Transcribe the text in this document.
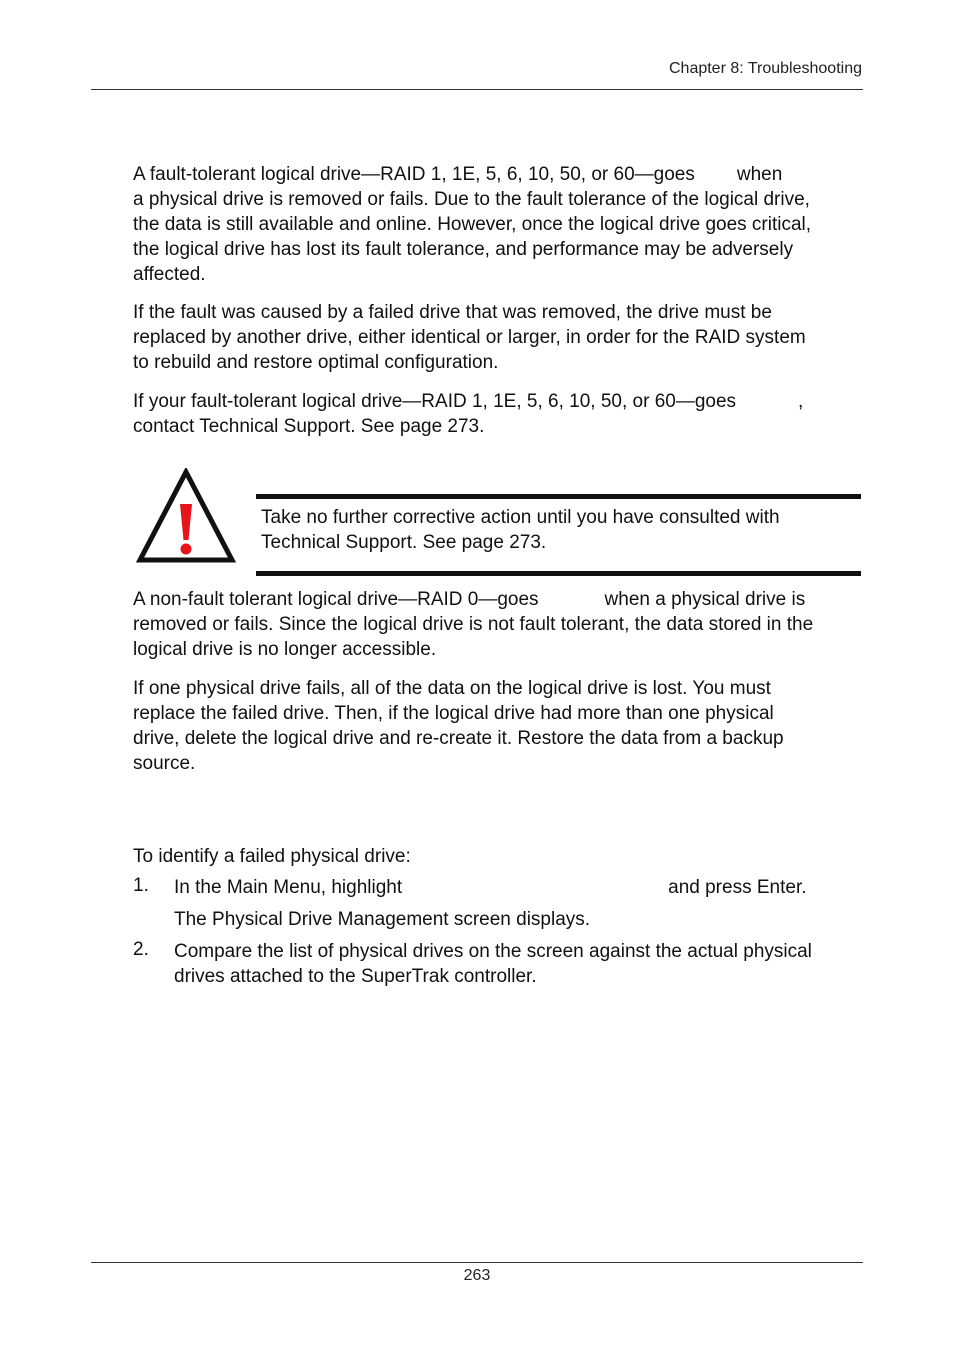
Chapter 8: Troubleshooting
A fault-tolerant logical drive—RAID 1, 1E, 5, 6, 10, 50, or 60—goes when
a physical drive is removed or fails. Due to the fault tolerance of the logical drive,
the data is still available and online. However, once the logical drive goes critical,
the logical drive has lost its fault tolerance, and performance may be adversely
affected.
If the fault was caused by a failed drive that was removed, the drive must be
replaced by another drive, either identical or larger, in order for the RAID system
to rebuild and restore optimal configuration.
If your fault-tolerant logical drive—RAID 1, 1E, 5, 6, 10, 50, or 60—goes	,
contact Technical Support. See page 273.
Take no further corrective action until you have consulted with
Technical Support. See page 273.
A non-fault tolerant logical drive—RAID 0—goes	when a physical drive is
removed or fails. Since the logical drive is not fault tolerant, the data stored in the
logical drive is no longer accessible.
If one physical drive fails, all of the data on the logical drive is lost. You must
replace the failed drive. Then, if the logical drive had more than one physical
drive, delete the logical drive and re-create it. Restore the data from a backup
source.
To identify a failed physical drive:
1. In the Main Menu, highlight	and press Enter.
The Physical Drive Management screen displays.
2. Compare the list of physical drives on the screen against the actual physical
drives attached to the SuperTrak controller.
263
